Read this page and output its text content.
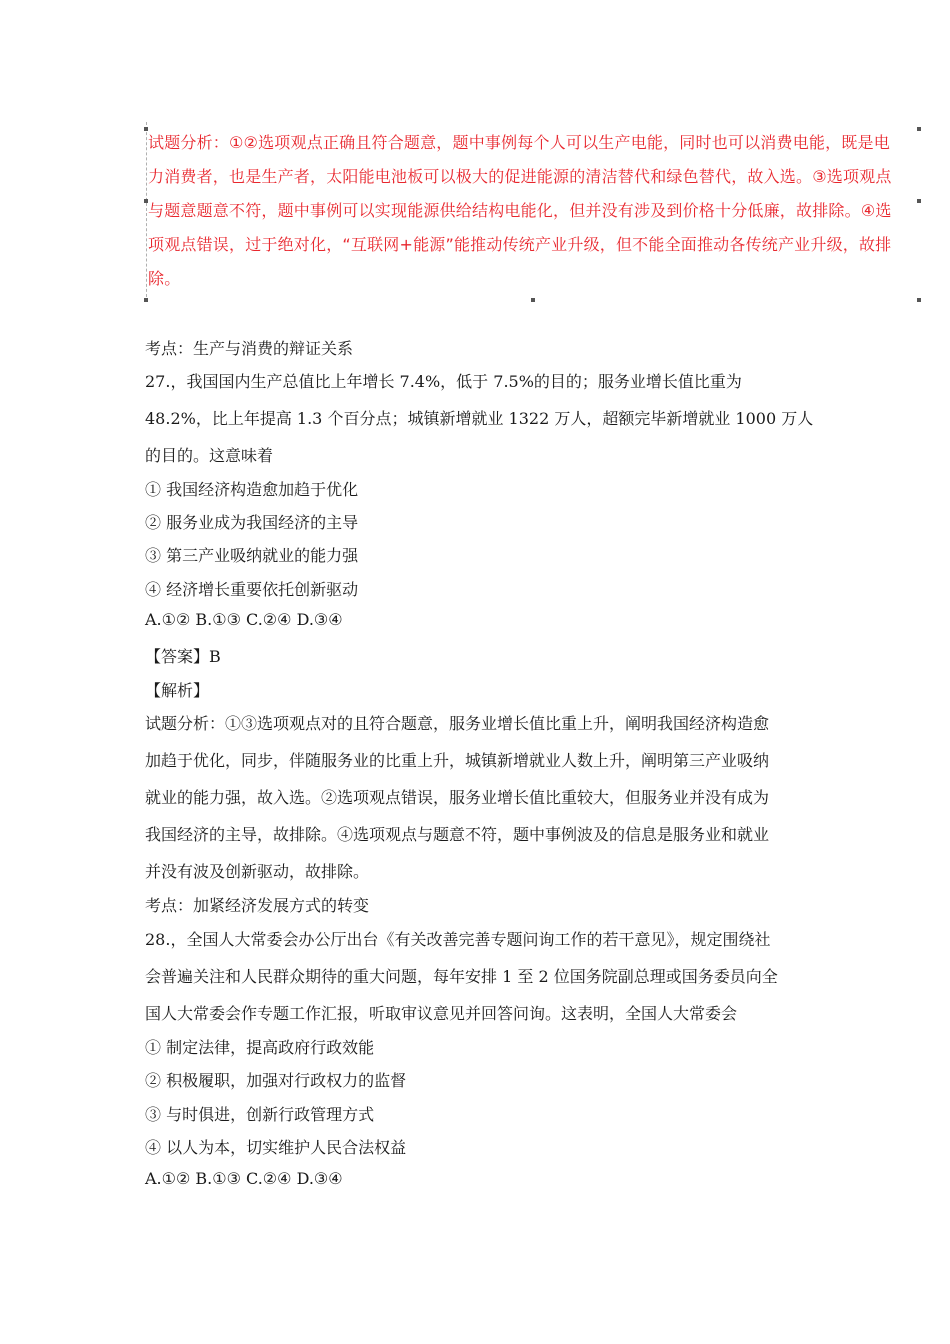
试题分析：①②选项观点正确且符合题意，题中事例每个人可以生产电能，同时也可以消费电能，既是电
力消费者，也是生产者，太阳能电池板可以极大的促进能源的清洁替代和绿色替代，故入选。③选项观点
与题意题意不符，题中事例可以实现能源供给结构电能化，但并没有涉及到价格十分低廉，故排除。④选
项观点错误，过于绝对化，“互联网+能源”能推动传统产业升级，但不能全面推动各传统产业升级，故排
除。
考点：生产与消费的辩证关系
27.，我国国内生产总值比上年增长 7.4%，低于 7.5%的目的；服务业增长值比重为
48.2%，比上年提高 1.3 个百分点；城镇新增就业 1322 万人，超额完毕新增就业 1000 万人
的目的。这意味着
① 我国经济构造愈加趋于优化
② 服务业成为我国经济的主导
③ 第三产业吸纳就业的能力强
④ 经济增长重要依托创新驱动
A.①② B.①③ C.②④ D.③④
【答案】B
【解析】
试题分析：①③选项观点对的且符合题意，服务业增长值比重上升，阐明我国经济构造愈
加趋于优化，同步，伴随服务业的比重上升，城镇新增就业人数上升，阐明第三产业吸纳
就业的能力强，故入选。②选项观点错误，服务业增长值比重较大，但服务业并没有成为
我国经济的主导，故排除。④选项观点与题意不符，题中事例波及的信息是服务业和就业
并没有波及创新驱动，故排除。
考点：加紧经济发展方式的转变
28.，全国人大常委会办公厅出台《有关改善完善专题问询工作的若干意见》，规定围绕社
会普遍关注和人民群众期待的重大问题，每年安排 1 至 2 位国务院副总理或国务委员向全
国人大常委会作专题工作汇报，听取审议意见并回答问询。这表明，全国人大常委会
① 制定法律，提高政府行政效能
② 积极履职，加强对行政权力的监督
③ 与时俱进，创新行政管理方式
④ 以人为本，切实维护人民合法权益
A.①② B.①③ C.②④ D.③④
